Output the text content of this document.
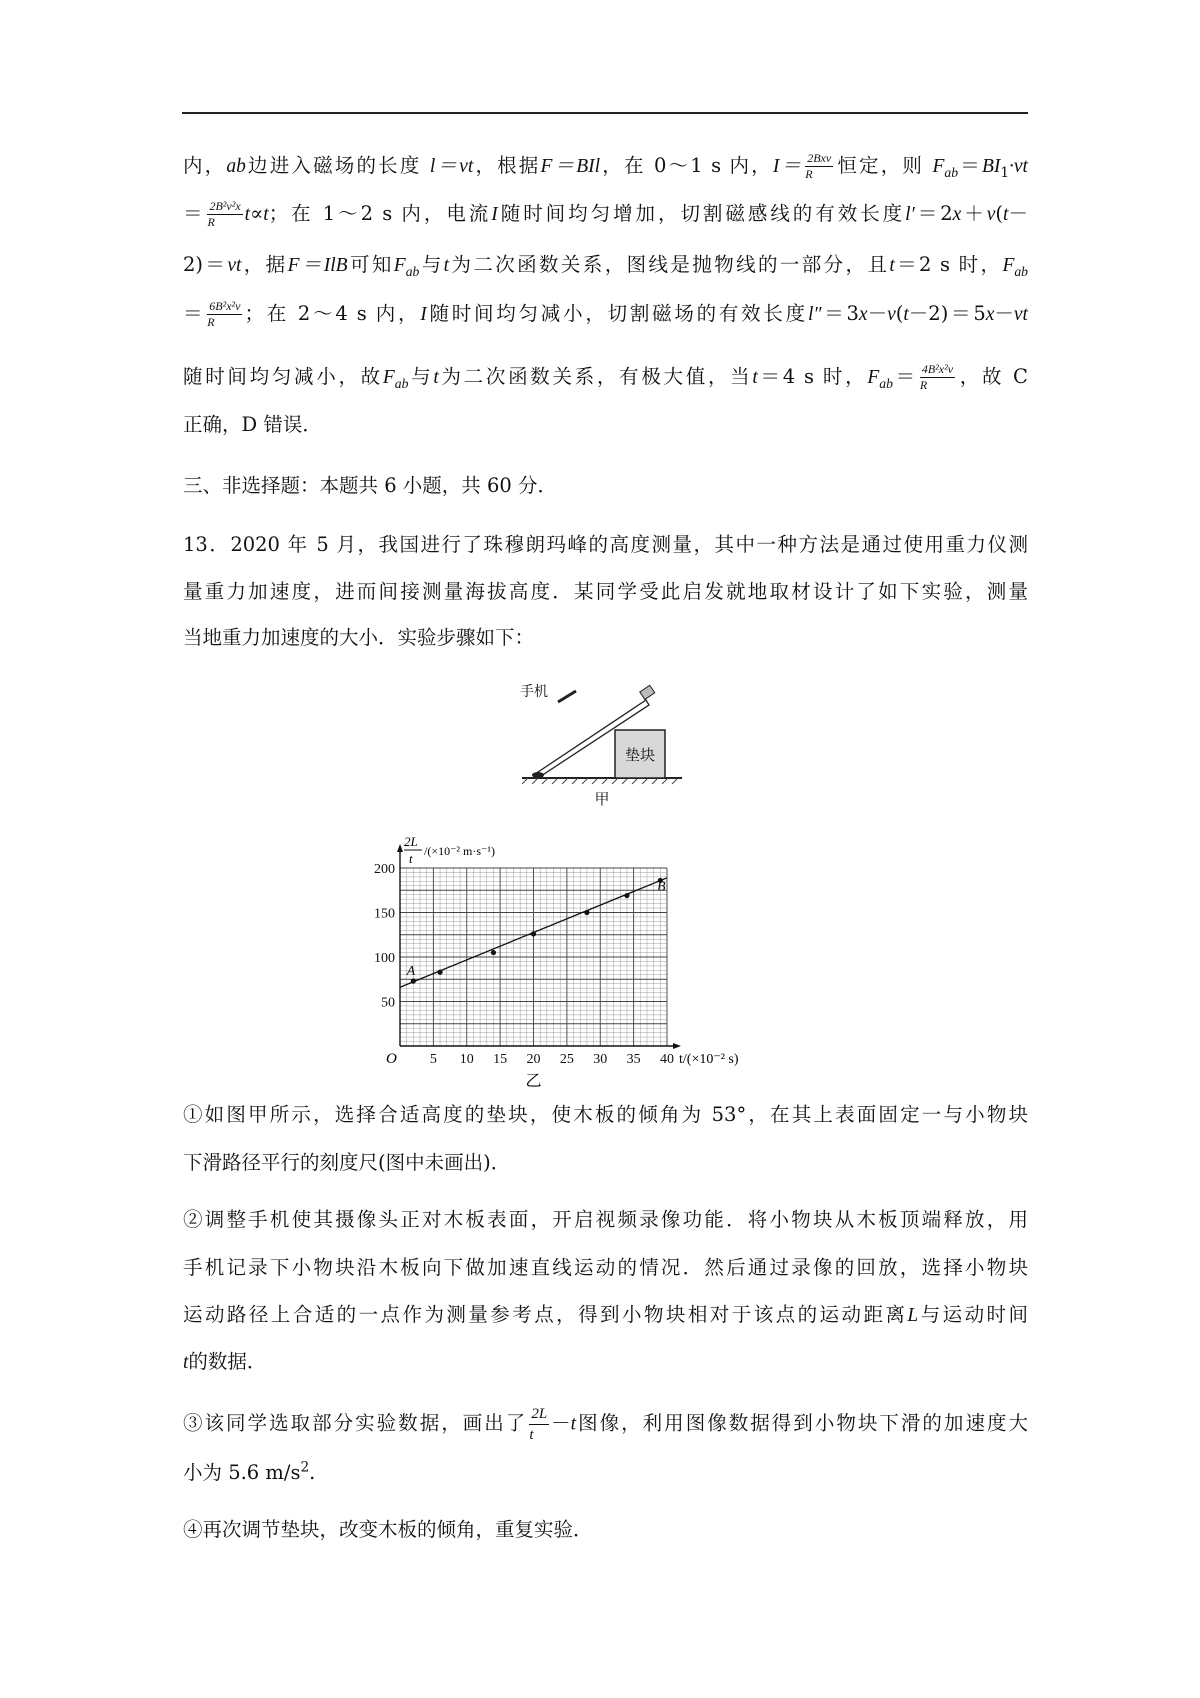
内，ab边进入磁场的长度 l＝vt，根据F＝BIl，在 0～1 s 内，$I= \frac{\text{2Bxv}}{R}$ 恒定，则 $F_{ab}=BI_1\cdot vt$
＝ $\frac{\text{2B²v²x}}{R} t\propto t$；在 1～2 s 内，电流I随时间均匀增加，切割磁感线的有效长度l′＝2x＋v(t－
2)＝vt，据F＝IlB可知$F_{ab}$与t为二次函数关系，图线是抛物线的一部分，且t＝2 s 时，$F_{ab}$
＝ $\frac{\text{6B²x²v}}{R}$ ；在 2～4 s 内，I随时间均匀减小，切割磁场的有效长度l″＝3x－v(t－2)＝5x－vt
随时间均匀减小，故$F_{ab}$与t为二次函数关系，有极大值，当t＝4 s 时，$F_{ab}= \frac{\text{4B²x²v}}{R}$ ，故 C
正确，D 错误．
三、非选择题：本题共 6 小题，共 60 分．
13．2020 年 5 月，我国进行了珠穆朗玛峰的高度测量，其中一种方法是通过使用重力仪测
量重力加速度，进而间接测量海拔高度．某同学受此启发就地取材设计了如下实验，测量
当地重力加速度的大小．实验步骤如下：
垫块
手机
甲
5 10 15 20 25 30 35 40
50
100
150
200
A
B
O
2L
t /(×10⁻² m·s⁻¹)
t/(×10⁻² s)
乙
①如图甲所示，选择合适高度的垫块，使木板的倾角为 53°，在其上表面固定一与小物块
下滑路径平行的刻度尺(图中未画出)．
②调整手机使其摄像头正对木板表面，开启视频录像功能．将小物块从木板顶端释放，用
手机记录下小物块沿木板向下做加速直线运动的情况．然后通过录像的回放，选择小物块
运动路径上合适的一点作为测量参考点，得到小物块相对于该点的运动距离L与运动时间
t的数据．
③该同学选取部分实验数据，画出了 $\frac{2L}{t} -t$图像，利用图像数据得到小物块下滑的加速度大
小为 5.6 $m/s^2$.
④再次调节垫块，改变木板的倾角，重复实验．
